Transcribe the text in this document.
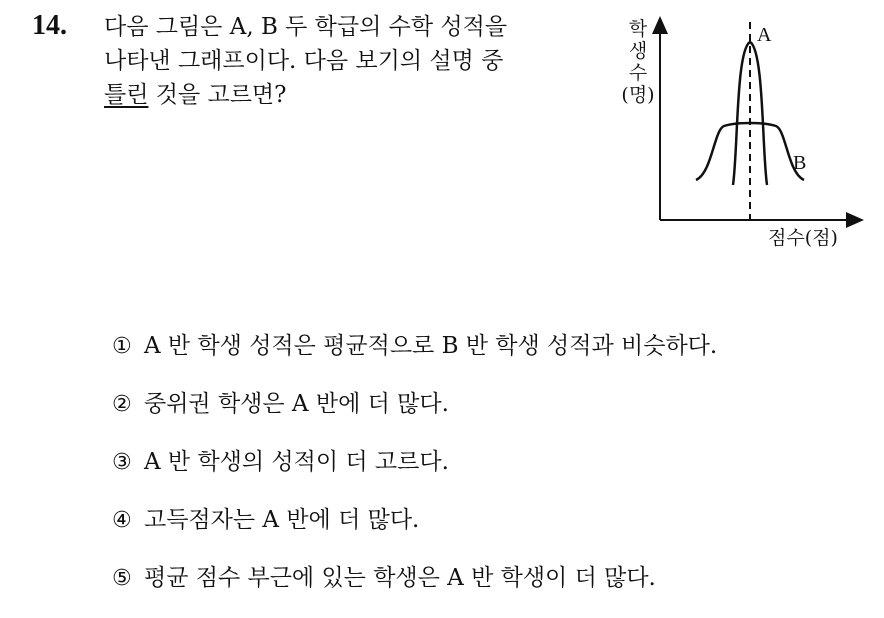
14. 다음 그림은 A, B 두 학급의 수학 성적을
나타낸 그래프이다. 다음 보기의 설명 중
틀린 것을 고르면?
학
생
수
(명)
점수(점)
A
B
① A 반 학생 성적은 평균적으로 B 반 학생 성적과 비슷하다.
② 중위권 학생은 A 반에 더 많다.
③ A 반 학생의 성적이 더 고르다.
④ 고득점자는 A 반에 더 많다.
⑤ 평균 점수 부근에 있는 학생은 A 반 학생이 더 많다.
